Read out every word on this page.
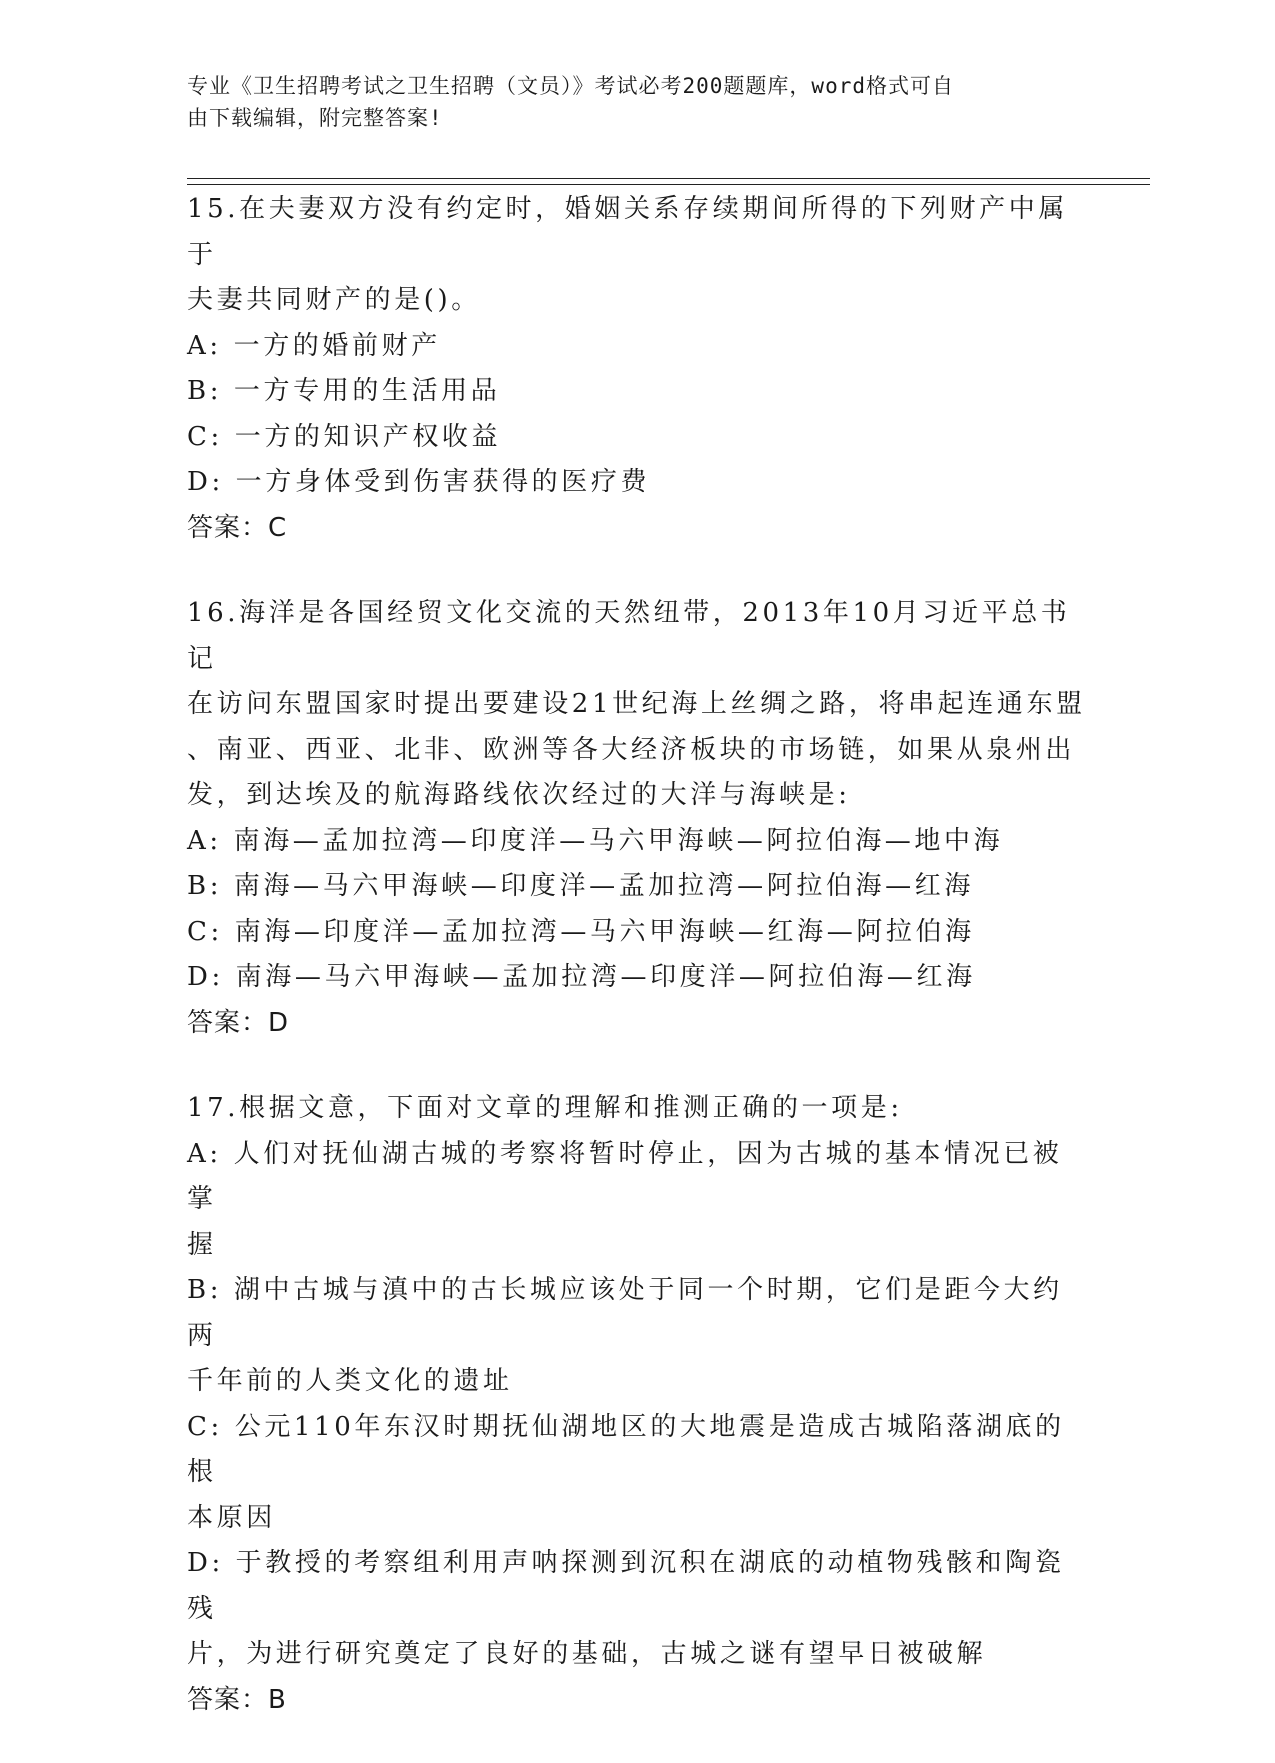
专业《卫生招聘考试之卫生招聘（文员）》考试必考200题题库，word格式可自
由下载编辑，附完整答案!
15.在夫妻双方没有约定时，婚姻关系存续期间所得的下列财产中属于
夫妻共同财产的是()。
A: 一方的婚前财产
B: 一方专用的生活用品
C: 一方的知识产权收益
D: 一方身体受到伤害获得的医疗费
答案：C
16.海洋是各国经贸文化交流的天然纽带，2013年10月习近平总书记
在访问东盟国家时提出要建设21世纪海上丝绸之路，将串起连通东盟
、南亚、西亚、北非、欧洲等各大经济板块的市场链，如果从泉州出
发，到达埃及的航海路线依次经过的大洋与海峡是:
A: 南海—孟加拉湾—印度洋—马六甲海峡—阿拉伯海—地中海
B: 南海—马六甲海峡—印度洋—孟加拉湾—阿拉伯海—红海
C: 南海—印度洋—孟加拉湾—马六甲海峡—红海—阿拉伯海
D: 南海—马六甲海峡—孟加拉湾—印度洋—阿拉伯海—红海
答案：D
17.根据文意，下面对文章的理解和推测正确的一项是:
A: 人们对抚仙湖古城的考察将暂时停止，因为古城的基本情况已被掌
握
B: 湖中古城与滇中的古长城应该处于同一个时期，它们是距今大约两
千年前的人类文化的遗址
C: 公元110年东汉时期抚仙湖地区的大地震是造成古城陷落湖底的根
本原因
D: 于教授的考察组利用声呐探测到沉积在湖底的动植物残骸和陶瓷残
片，为进行研究奠定了良好的基础，古城之谜有望早日被破解
答案：B
